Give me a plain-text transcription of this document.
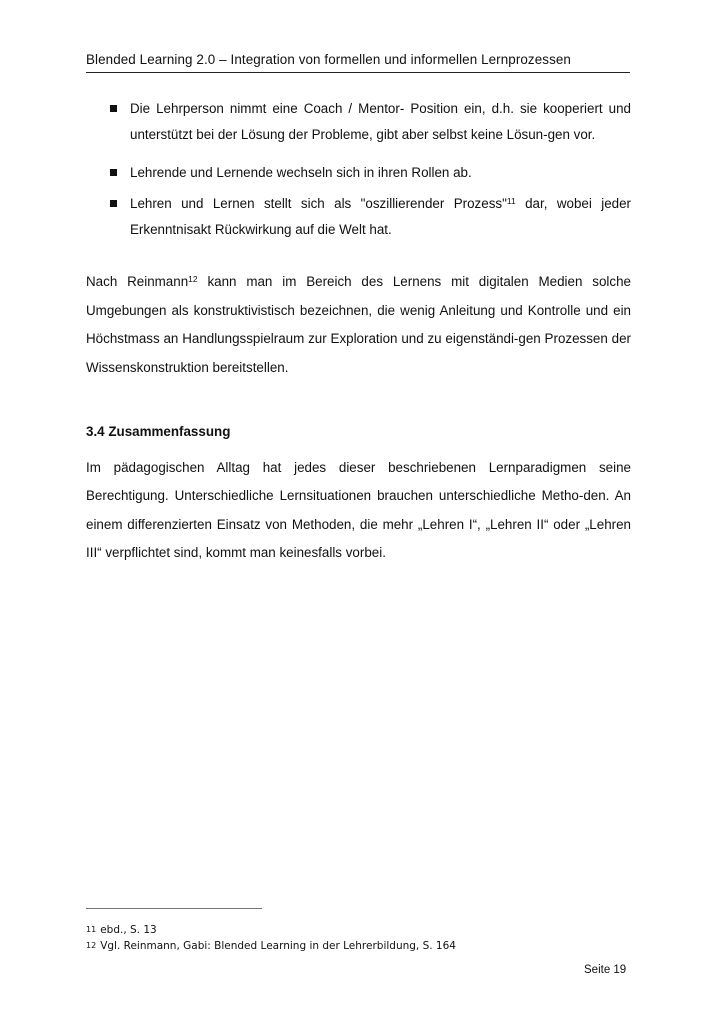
Blended Learning 2.0 – Integration von formellen und informellen Lernprozessen
Die Lehrperson nimmt eine Coach / Mentor- Position ein, d.h. sie kooperiert und unterstützt bei der Lösung der Probleme, gibt aber selbst keine Lösun-gen vor.
Lehrende und Lernende wechseln sich in ihren Rollen ab.
Lehren und Lernen stellt sich als "oszillierender Prozess"$^{11}$ dar, wobei jeder Erkenntnisakt Rückwirkung auf die Welt hat.

Nach Reinmann$^{12}$ kann man im Bereich des Lernens mit digitalen Medien solche Umgebungen als konstruktivistisch bezeichnen, die wenig Anleitung und Kontrolle und ein Höchstmass an Handlungsspielraum zur Exploration und zu eigenständi-gen Prozessen der Wissenskonstruktion bereitstellen.

3.4 Zusammenfassung

Im pädagogischen Alltag hat jedes dieser beschriebenen Lernparadigmen seine Berechtigung. Unterschiedliche Lernsituationen brauchen unterschiedliche Metho-den. An einem differenzierten Einsatz von Methoden, die mehr „Lehren I“, „Lehren II“ oder „Lehren III“ verpflichtet sind, kommt man keinesfalls vorbei.

$^{11}$ ebd., S. 13
$^{12}$ Vgl. Reinmann, Gabi: Blended Learning in der Lehrerbildung, S. 164
Seite 19
